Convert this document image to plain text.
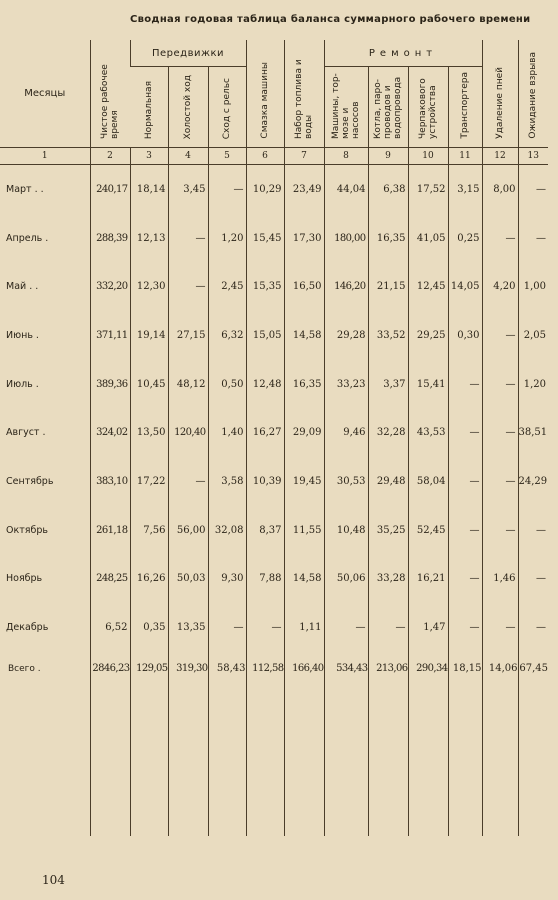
Сводная годовая таблица баланса суммарного рабочего времени
Месяцы	Чистое рабочее время	Передвижки			Смазка машины	Набор топлива и воды	Ремонт				Удаление пней	Ожидание взрыва
		Нормальная	Холостой ход	Сход с рельс			Машины, тор-мозе и насосов	Котла, паро-проводов и водопровода	Черпакового устройства	Транспортера		
1	2	3	4	5	6	7	8	9	10	11	12	13
Март . .	240,17	18,14	3,45	—	10,29	23,49	44,04	6,38	17,52	3,15	8,00	—
Апрель .	288,39	12,13	—	1,20	15,45	17,30	180,00	16,35	41,05	0,25	—	—
Май . .	332,20	12,30	—	2,45	15,35	16,50	146,20	21,15	12,45	14,05	4,20	1,00
Июнь .	371,11	19,14	27,15	6,32	15,05	14,58	29,28	33,52	29,25	0,30	—	2,05
Июль .	389,36	10,45	48,12	0,50	12,48	16,35	33,23	3,37	15,41	—	—	1,20
Август .	324,02	13,50	120,40	1,40	16,27	29,09	9,46	32,28	43,53	—	—	38,51
Сентябрь	383,10	17,22	—	3,58	10,39	19,45	30,53	29,48	58,04	—	—	24,29
Октябрь	261,18	7,56	56,00	32,08	8,37	11,55	10,48	35,25	52,45	—	—	—
Ноябрь	248,25	16,26	50,03	9,30	7,88	14,58	50,06	33,28	16,21	—	1,46	—
Декабрь	6,52	0,35	13,35	—	—	1,11	—	—	1,47	—	—	—
Всего .	2846,23	129,05	319,30	58,43	112,58	166,40	534,43	213,06	290,34	18,15	14,06	67,45

104
